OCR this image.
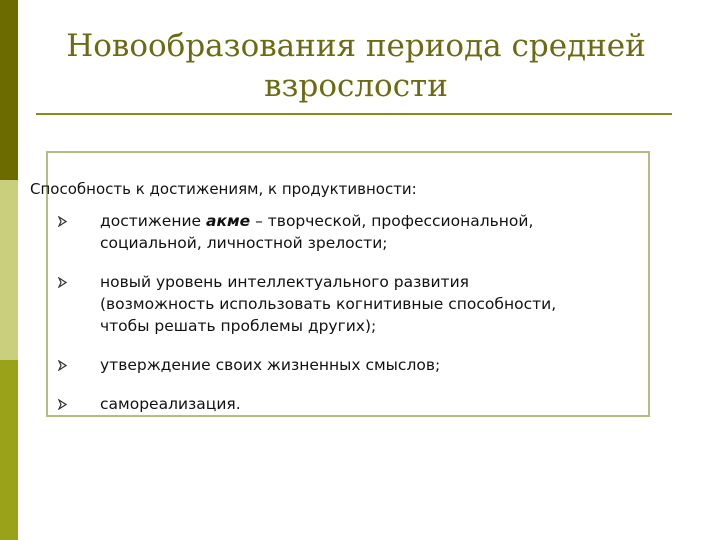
Новообразования периода средней
взрослости
Способность к достижениям, к продуктивности:
достижение акме – творческой, профессиональной,
социальной, личностной зрелости;
новый уровень интеллектуального развития
(возможность использовать когнитивные способности,
чтобы решать проблемы других);
утверждение своих жизненных смыслов;
самореализация.
